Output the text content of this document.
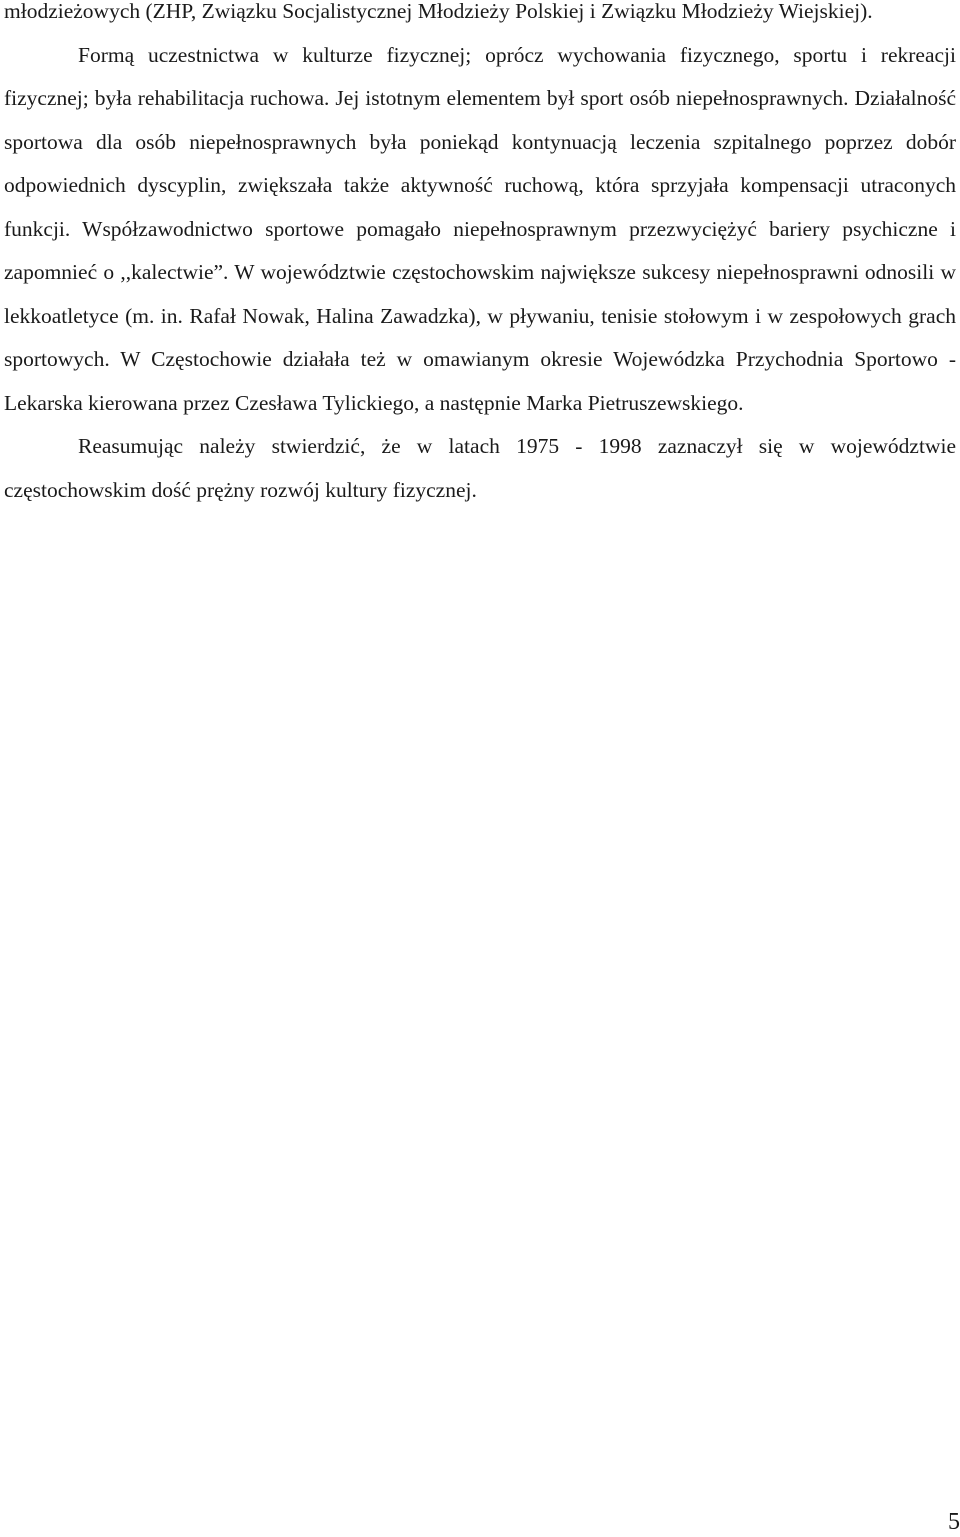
młodzieżowych (ZHP, Związku Socjalistycznej Młodzieży Polskiej i Związku Młodzieży Wiejskiej).

Formą uczestnictwa w kulturze fizycznej; oprócz wychowania fizycznego, sportu i rekreacji fizycznej; była rehabilitacja ruchowa. Jej istotnym elementem był sport osób niepełnosprawnych. Działalność sportowa dla osób niepełnosprawnych była poniekąd kontynuacją leczenia szpitalnego poprzez dobór odpowiednich dyscyplin, zwiększała także aktywność ruchową, która sprzyjała kompensacji utraconych funkcji. Współzawodnictwo sportowe pomagało niepełnosprawnym przezwyciężyć bariery psychiczne i zapomnieć o ,,kalectwie”. W województwie częstochowskim największe sukcesy niepełnosprawni odnosili w lekkoatletyce (m. in. Rafał Nowak, Halina Zawadzka), w pływaniu, tenisie stołowym i w zespołowych grach sportowych. W Częstochowie działała też w omawianym okresie Wojewódzka Przychodnia Sportowo - Lekarska kierowana przez Czesława Tylickiego, a następnie Marka Pietruszewskiego.

Reasumując należy stwierdzić, że w latach 1975 - 1998 zaznaczył się w województwie częstochowskim dość prężny rozwój kultury fizycznej.

5
